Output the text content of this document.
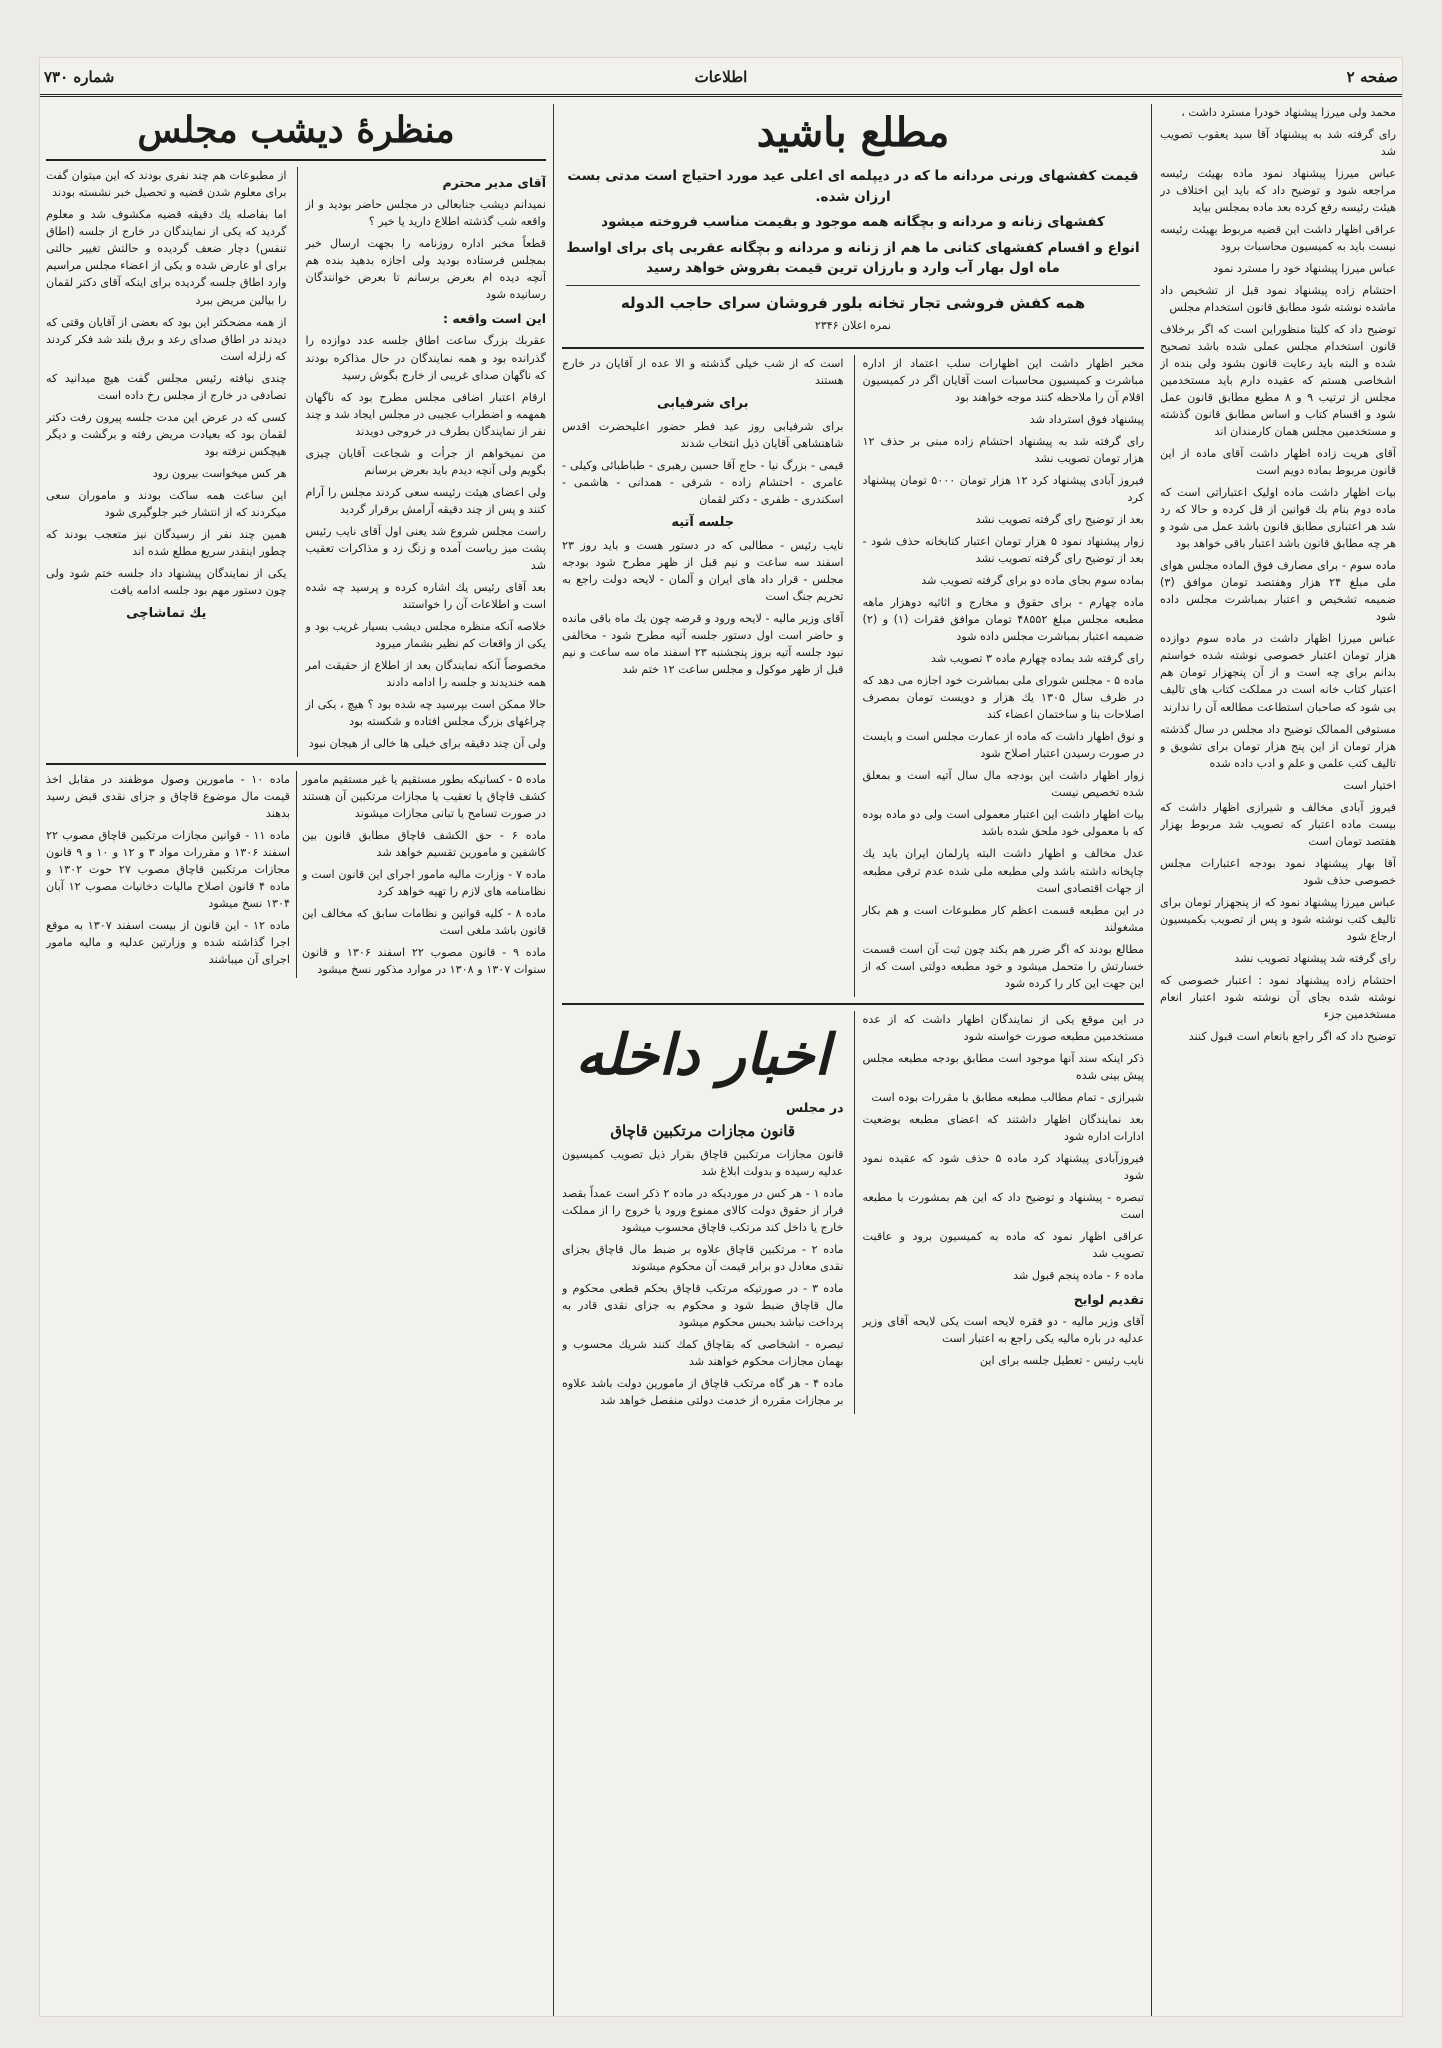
صفحه ۲
اطلاعات
شماره ۷۳۰

محمد ولی میرزا پیشنهاد خودرا مسترد داشت ،

رای گرفته شد به پیشنهاد آقا سید یعقوب تصویب شد

عباس میرزا پیشنهاد نمود ماده بهیئت رئیسه مراجعه شود و توضیح داد که باید این اختلاف در هیئت رئیسه رفع کرده بعد ماده بمجلس بیاید

عراقی اظهار داشت این قضیه مربوط بهیئت رئیسه نیست باید به کمیسیون محاسبات برود

عباس میرزا پیشنهاد خود را مسترد نمود

احتشام زاده پیشنهاد نمود قبل از تشخیص داد ماشده نوشته شود مطابق قانون استخدام مجلس

توضیح داد که کلیتا منظوراین است که اگر برخلاف قانون استخدام مجلس عملی شده باشد تصحیح شده و البته باید رعایت قانون بشود ولی بنده از اشخاصی هستم که عقیده دارم باید مستخدمین مجلس از ترتیب ۹ و ۸ مطیع مطابق قانون عمل شود و اقسام کتاب و اساس مطابق قانون گذشته و مستخدمین مجلس همان کارمندان اند

آقای هریت زاده اظهار داشت آقای ماده از این قانون مربوط بماده دویم است

بیات اظهار داشت ماده اولیک اعتباراتی است که ماده دوم بنام بك قوانین از قل کرده و حالا که رد شد هر اعتباری مطابق قانون باشد عمل می شود و هر چه مطابق قانون باشد اعتبار باقی خواهد بود

ماده سوم - برای مصارف فوق الماده مجلس هوای ملی مبلغ ۲۴ هزار وهفتصد تومان موافق (۳) ضمیمه تشخیص و اعتبار بمباشرت مجلس داده شود

عباس میرزا اظهار داشت در ماده سوم دوازده هزار تومان اعتبار خصوصی نوشته شده خواستم بدانم برای چه است و از آن پنجهزار تومان هم اعتبار کتاب خانه است در مملکت کتاب های تالیف بی شود که صاحبان استطاعت مطالعه آن را ندارند

مستوفی الممالک توضیح داد مجلس در سال گذشته هزار تومان از این پنج هزار تومان برای تشویق و تالیف کتب علمی و علم و ادب داده شده

اختیار است

فیروز آبادی مخالف و شیرازی اظهار داشت که بیست ماده اعتبار که تصویب شد مربوط بهزار هفتصد تومان است

آقا بهار پیشنهاد نمود بودجه اعتبارات مجلس خصوصی حذف شود

عباس میرزا پیشنهاد نمود که از پنجهزار تومان برای تالیف کتب نوشته شود و پس از تصویب بکمیسیون ارجاع شود

رای گرفته شد پیشنهاد تصویب نشد

احتشام زاده پیشنهاد نمود : اعتبار خصوصی که نوشته شده بجای آن نوشته شود اعتبار انعام مستخدمین جزء

توضیح داد که اگر راجع بانعام است قبول کنند

مطلع باشید

قیمت کفشهای ورنی مردانه ما که در دیپلمه ای اعلی عید مورد احتیاج است مدتی بست ارزان شده.

کفشهای زنانه و مردانه و بچگانه همه موجود و بقیمت مناسب فروخته میشود

انواع و اقسام کفشهای کتانی ما هم از زنانه و مردانه و بچگانه عقربی پای برای اواسط ماه اول بهار آب وارد و بارزان ترین قیمت بفروش خواهد رسید

همه کفش فروشی تجار تخانه بلور فروشان سرای حاجب الدوله
نمره اعلان ۲۳۴۶

مخبر اظهار داشت این اظهارات سلب اعتماد از اداره مباشرت و کمیسیون محاسبات است آقایان اگر در کمیسیون اقلام آن را ملاحظه کنند موجه خواهند بود

پیشنهاد فوق استرداد شد

رای گرفته شد به پیشنهاد احتشام زاده مبنی بر حذف ۱۲ هزار تومان تصویب نشد

فیروز آبادی پیشنهاد کرد ۱۲ هزار تومان ۵۰۰۰ تومان پیشنهاد کرد

بعد از توضیح رای گرفته تصویب نشد

زوار پیشنهاد نمود ۵ هزار تومان اعتبار کتابخانه حذف شود - بعد از توضیح رای گرفته تصویب نشد

بماده سوم بجای ماده دو برای گرفته تصویب شد

ماده چهارم - برای حقوق و مخارج و اثاثیه دوهزار ماهه مطبعه مجلس مبلغ ۴۸۵۵۲ تومان موافق فقرات (۱) و (۲) ضمیمه اعتبار بمباشرت مجلس داده شود

رای گرفته شد بماده چهارم ماده ۳ تصویب شد

ماده ۵ - مجلس شورای ملی بمباشرت خود اجازه می دهد که در ظرف سال ۱۳۰۵ یك هزار و دویست تومان بمصرف اصلاحات بنا و ساختمان اعضاء کند

و نوق اظهار داشت که ماده از عمارت مجلس است و بایست در صورت رسیدن اعتبار اصلاح شود

زوار اظهار داشت این بودجه مال سال آتیه است و بمعلق شده تخصیص نیست

بیات اظهار داشت این اعتبار معمولی است ولی دو ماده بوده که با معمولی خود ملحق شده باشد

عدل مخالف و اظهار داشت البته پارلمان ایران باید یك چاپخانه داشته باشد ولی مطبعه ملی شده عدم ترقی مطبعه از جهات اقتصادی است

در این مطبعه قسمت اعظم کار مطبوعات است و هم بکار مشغولند

مطالع بودند که اگر ضرر هم بکند چون ثبت آن است قسمت خسارتش را متحمل میشود و خود مطبعه دولتی است که از این جهت این کار را کرده شود

است که از شب خیلی گذشته و الا عده از آقایان در خارج هستند

برای شرفیابی

برای شرفیابی روز عید فطر حضور اعلیحضرت اقدس شاهنشاهی آقایان ذیل انتخاب شدند

قیمی - بزرگ نیا - حاج آقا حسین رهبری - طباطبائی وکیلی - عامری - احتشام زاده - شرفی - همدانی - هاشمی - اسکندری - ظفری - دکتر لقمان

جلسه آتیه

نایب رئیس - مطالبی که در دستور هست و باید روز ۲۳ اسفند سه ساعت و نیم قبل از ظهر مطرح شود بودجه مجلس - قرار داد های ایران و آلمان - لایحه دولت راجع به تحریم جنگ است

آقای وزیر مالیه - لایحه ورود و قرضه چون یك ماه باقی مانده و حاضر است اول دستور جلسه آتیه مطرح شود - مخالفی نبود جلسه آتیه بروز پنجشنبه ۲۳ اسفند ماه سه ساعت و نیم قبل از ظهر موکول و مجلس ساعت ۱۲ ختم شد

در این موقع یکی از نمایندگان اظهار داشت که از عده مستخدمین مطبعه صورت خواسته شود

ذکر اینکه سند آنها موجود است مطابق بودجه مطبعه مجلس پیش بینی شده

شیرازی - تمام مطالب مطبعه مطابق با مقررات بوده است

بعد نمایندگان اظهار داشتند که اعضای مطبعه بوضعیت ادارات اداره شود

فیروزآبادی پیشنهاد کرد ماده ۵ حذف شود که عقیده نمود شود

تبصره - پیشنهاد و توضیح داد که این هم بمشورت با مطبعه است

عراقی اظهار نمود که ماده به کمیسیون برود و عاقبت تصویب شد

ماده ۶ - ماده پنجم قبول شد

تقدیم لوایح

آقای وزیر مالیه - دو فقره لایحه است یکی لایحه آقای وزیر عدلیه در باره مالیه یکی راجع به اعتبار است

نایب رئیس - تعطیل جلسه برای این

اخبار داخله
در مجلس
قانون مجازات مرتکبین قاچاق

قانون مجازات مرتکبین قاچاق بقرار ذیل تصویب کمیسیون عدلیه رسیده و بدولت ابلاغ شد

ماده ۱ - هر کس در موردیکه در ماده ۲ ذکر است عمداً بقصد فرار از حقوق دولت کالای ممنوع ورود یا خروج را از مملکت خارج یا داخل کند مرتکب قاچاق محسوب میشود

ماده ۲ - مرتکبین قاچاق علاوه بر ضبط مال قاچاق بجزای نقدی معادل دو برابر قیمت آن محکوم میشوند

ماده ۳ - در صورتیکه مرتکب قاچاق بحکم قطعی محکوم و مال قاچاق ضبط شود و محکوم به جزای نقدی قادر به پرداخت نباشد بحبس محکوم میشود

تبصره - اشخاصی که بقاچاق کمك کنند شریك محسوب و بهمان مجازات محکوم خواهند شد

ماده ۴ - هر گاه مرتکب قاچاق از مامورین دولت باشد علاوه بر مجازات مقرره از خدمت دولتی منفصل خواهد شد

منظرهٔ دیشب مجلس
آقای مدیر محترم

نمیدانم دیشب جنابعالی در مجلس حاضر بودید و از واقعه شب گذشته اطلاع دارید یا خیر ؟

قطعاً مخبر اداره روزنامه را بجهت ارسال خبر بمجلس فرستاده بودید ولی اجازه بدهید بنده هم آنچه دیده ام بعرض برسانم تا بعرض خوانندگان رسانیده شود

این است واقعه :

عقربك بزرگ ساعت اطاق جلسه عدد دوازده را گذرانده بود و همه نمایندگان در حال مذاکره بودند که ناگهان صدای غریبی از خارج بگوش رسید

ارقام اعتبار اضافی مجلس مطرح بود که ناگهان همهمه و اضطراب عجیبی در مجلس ایجاد شد و چند نفر از نمایندگان بطرف در خروجی دویدند

من نمیخواهم از جرأت و شجاعت آقایان چیزی بگویم ولی آنچه دیدم باید بعرض برسانم

ولی اعضای هیئت رئیسه سعی کردند مجلس را آرام کنند و پس از چند دقیقه آرامش برقرار گردید

راست مجلس شروع شد یعنی اول آقای نایب رئیس پشت میز ریاست آمده و زنگ زد و مذاکرات تعقیب شد

بعد آقای رئیس یك اشاره کرده و پرسید چه شده است و اطلاعات آن را خواستند

خلاصه آنکه منظره مجلس دیشب بسیار غریب بود و یکی از واقعات کم نظیر بشمار میرود

مخصوصاً آنکه نمایندگان بعد از اطلاع از حقیقت امر همه خندیدند و جلسه را ادامه دادند

حالا ممکن است بپرسید چه شده بود ؟ هیچ ، یکی از چراغهای بزرگ مجلس افتاده و شکسته بود

ولی آن چند دقیقه برای خیلی ها خالی از هیجان نبود

از مطبوعات هم چند نفری بودند که این میتوان گفت برای معلوم شدن قضیه و تحصیل خبر نشسته بودند

اما بفاصله یك دقیقه قضیه مکشوف شد و معلوم گردید که یکی از نمایندگان در خارج از جلسه (اطاق تنفس) دچار ضعف گردیده و حالتش تغییر حالتی برای او عارض شده و یکی از اعضاء مجلس مراسیم وارد اطاق جلسه گردیده برای اینکه آقای دکتر لقمان را بیالین مریض ببرد

از همه مضحکتر این بود که بعضی از آقایان وقتی که دیدند در اطاق صدای رعد و برق بلند شد فکر کردند که زلزله است

چندی نیافته رئیس مجلس گفت هیچ میدانید که تصادفی در خارج از مجلس رخ داده است

کسی که در عرض این مدت جلسه پیرون رفت دکتر لقمان بود که بعیادت مریض رفته و برگشت و دیگر هیچکس نرفته بود

هر کس میخواست بیرون رود

این ساعت همه ساکت بودند و ماموران سعی میکردند که از انتشار خبر جلوگیری شود

همین چند نفر از رسیدگان نیز متعجب بودند که چطور اینقدر سریع مطلع شده اند

یکی از نمایندگان پیشنهاد داد جلسه ختم شود ولی چون دستور مهم بود جلسه ادامه یافت

یك تماشاچی

ماده ۵ - کسانیکه بطور مستقیم یا غیر مستقیم مامور کشف قاچاق یا تعقیب یا مجازات مرتکبین آن هستند در صورت تسامح یا تبانی مجازات میشوند

ماده ۶ - حق الکشف قاچاق مطابق قانون بین کاشفین و مامورین تقسیم خواهد شد

ماده ۷ - وزارت مالیه مامور اجرای این قانون است و نظامنامه های لازم را تهیه خواهد کرد

ماده ۸ - کلیه قوانین و نظامات سابق که مخالف این قانون باشد ملغی است

ماده ۹ - قانون مصوب ۲۲ اسفند ۱۳۰۶ و قانون سنوات ۱۳۰۷ و ۱۳۰۸ در موارد مذکور نسخ میشود

ماده ۱۰ - مامورین وصول موظفند در مقابل اخذ قیمت مال موضوع قاچاق و جزای نقدی قبض رسید بدهند

ماده ۱۱ - قوانین مجازات مرتکبین قاچاق مصوب ۲۲ اسفند ۱۳۰۶ و مقررات مواد ۳ و ۱۲ و ۱۰ و ۹ قانون مجازات مرتکبین قاچاق مصوب ۲۷ حوت ۱۳۰۲ و ماده ۴ قانون اصلاح مالیات دخانیات مصوب ۱۲ آبان ۱۳۰۴ نسخ میشود

ماده ۱۲ - این قانون از بیست اسفند ۱۳۰۷ به موقع اجرا گذاشته شده و وزارتین عدلیه و مالیه مامور اجرای آن میباشند
